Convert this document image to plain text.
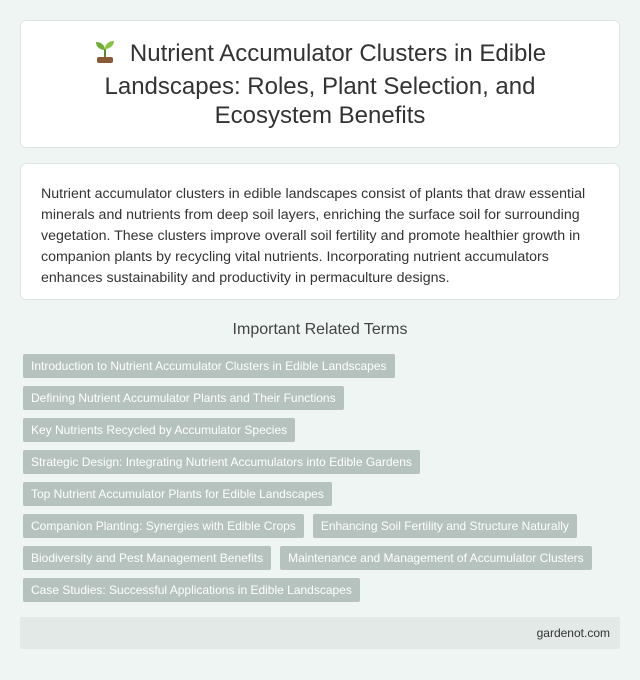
Nutrient Accumulator Clusters in Edible Landscapes: Roles, Plant Selection, and Ecosystem Benefits

Nutrient accumulator clusters in edible landscapes consist of plants that draw essential minerals and nutrients from deep soil layers, enriching the surface soil for surrounding vegetation. These clusters improve overall soil fertility and promote healthier growth in companion plants by recycling vital nutrients. Incorporating nutrient accumulators enhances sustainability and productivity in permaculture designs.

Important Related Terms
Introduction to Nutrient Accumulator Clusters in Edible Landscapes
Defining Nutrient Accumulator Plants and Their Functions
Key Nutrients Recycled by Accumulator Species
Strategic Design: Integrating Nutrient Accumulators into Edible Gardens
Top Nutrient Accumulator Plants for Edible Landscapes
Companion Planting: Synergies with Edible Crops	Enhancing Soil Fertility and Structure Naturally
Biodiversity and Pest Management Benefits	Maintenance and Management of Accumulator Clusters
Case Studies: Successful Applications in Edible Landscapes
gardenot.com
